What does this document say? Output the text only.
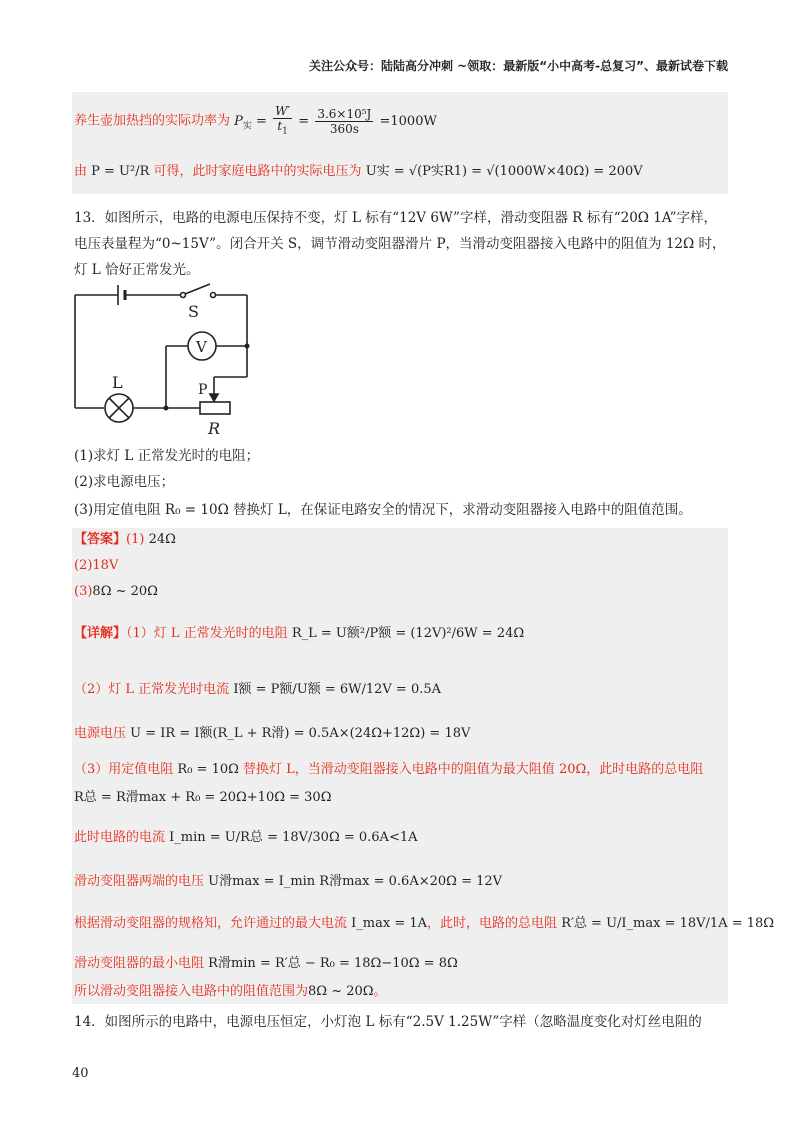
关注公众号：陆陆高分冲刺 ~领取：最新版“小中高考-总复习”、最新试卷下载
养生壶加热挡的实际功率为 $P_实 = \frac{W'}{t_1} = \frac{\text{3.6×10⁵J}}{360s} =1000W$
由 P = U²/R 可得，此时家庭电路中的实际电压为 U实 = √(P实R1) = √(1000W×40Ω) = 200V
13．如图所示，电路的电源电压保持不变，灯 L 标有“12V 6W”字样，滑动变阻器 R 标有“20Ω 1A”字样，电压表量程为“0~15V”。闭合开关 S，调节滑动变阻器滑片 P，当滑动变阻器接入电路中的阻值为 12Ω 时，灯 L 恰好正常发光。
S
V
L	P
R
(1)求灯 L 正常发光时的电阻；
(2)求电源电压；
(3)用定值电阻 R₀ = 10Ω 替换灯 L，在保证电路安全的情况下，求滑动变阻器接入电路中的阻值范围。
【答案】(1) 24Ω
(2)18V
(3)8Ω ~ 20Ω
【详解】（1）灯 L 正常发光时的电阻 R_L = U额²/P额 = (12V)²/6W = 24Ω
（2）灯 L 正常发光时电流 I额 = P额/U额 = 6W/12V = 0.5A
电源电压 U = IR = I额(R_L + R滑) = 0.5A×(24Ω+12Ω) = 18V
（3）用定值电阻 R₀ = 10Ω 替换灯 L，当滑动变阻器接入电路中的阻值为最大阻值 20Ω，此时电路的总电阻
R总 = R滑max + R₀ = 20Ω+10Ω = 30Ω
此时电路的电流 I_min = U/R总 = 18V/30Ω = 0.6A<1A
滑动变阻器两端的电压 U滑max = I_min R滑max = 0.6A×20Ω = 12V
根据滑动变阻器的规格知，允许通过的最大电流 I_max = 1A，此时，电路的总电阻 R′总 = U/I_max = 18V/1A = 18Ω
滑动变阻器的最小电阻 R滑min = R′总 − R₀ = 18Ω−10Ω = 8Ω
所以滑动变阻器接入电路中的阻值范围为8Ω ~ 20Ω。
14．如图所示的电路中，电源电压恒定，小灯泡 L 标有“2.5V 1.25W”字样（忽略温度变化对灯丝电阻的
40
